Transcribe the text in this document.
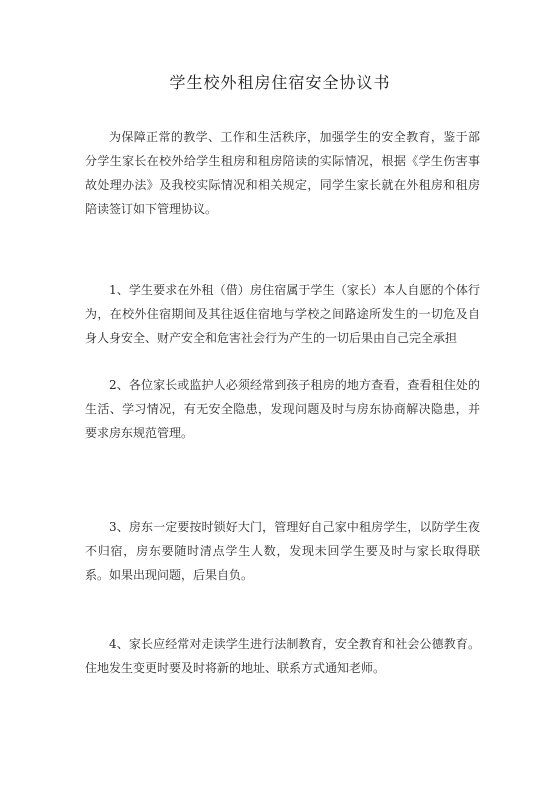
学生校外租房住宿安全协议书
为保障正常的教学、工作和生活秩序，加强学生的安全教育，鉴于部分学生家长在校外给学生租房和租房陪读的实际情况，根据《学生伤害事故处理办法》及我校实际情况和相关规定，同学生家长就在外租房和租房陪读签订如下管理协议。
1、学生要求在外租（借）房住宿属于学生（家长）本人自愿的个体行为，在校外住宿期间及其往返住宿地与学校之间路途所发生的一切危及自身人身安全、财产安全和危害社会行为产生的一切后果由自己完全承担
2、各位家长或监护人必须经常到孩子租房的地方查看，查看租住处的生活、学习情况，有无安全隐患，发现问题及时与房东协商解决隐患，并要求房东规范管理。
3、房东一定要按时锁好大门，管理好自己家中租房学生，以防学生夜不归宿，房东要随时清点学生人数，发现未回学生要及时与家长取得联系。如果出现问题，后果自负。
4、家长应经常对走读学生进行法制教育，安全教育和社会公德教育。住地发生变更时要及时将新的地址、联系方式通知老师。
